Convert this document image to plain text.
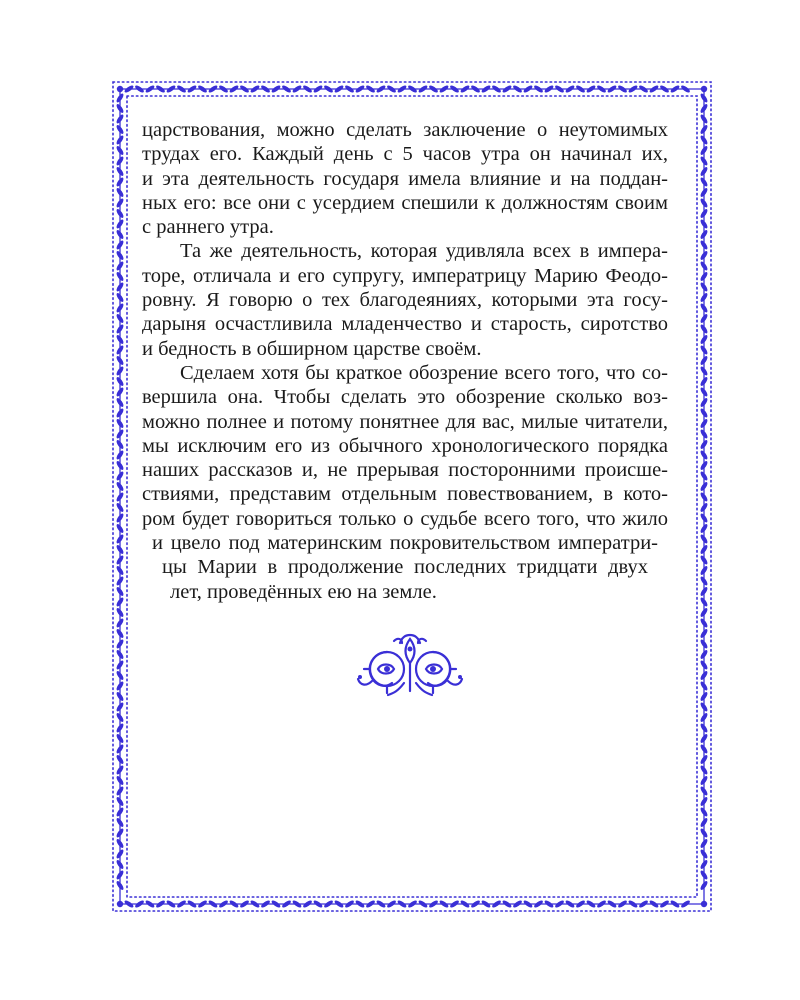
царствования, можно сделать заключение о неутомимых
трудах его. Каждый день с 5 часов утра он начинал их,
и эта деятельность государя имела влияние и на поддан-
ных его: все они с усердием спешили к должностям своим
с раннего утра.
Та же деятельность, которая удивляла всех в импера-
торе, отличала и его супругу, императрицу Марию Феодо-
ровну. Я говорю о тех благодеяниях, которыми эта госу-
дарыня осчастливила младенчество и старость, сиротство
и бедность в обширном царстве своём.
Сделаем хотя бы краткое обозрение всего того, что со-
вершила она. Чтобы сделать это обозрение сколько воз-
можно полнее и потому понятнее для вас, милые читатели,
мы исключим его из обычного хронологического порядка
наших рассказов и, не прерывая посторонними происше-
ствиями, представим отдельным повествованием, в кото-
ром будет говориться только о судьбе всего того, что жило
и цвело под материнским покровительством императри-
цы Марии в продолжение последних тридцати двух
лет, проведённых ею на земле.
